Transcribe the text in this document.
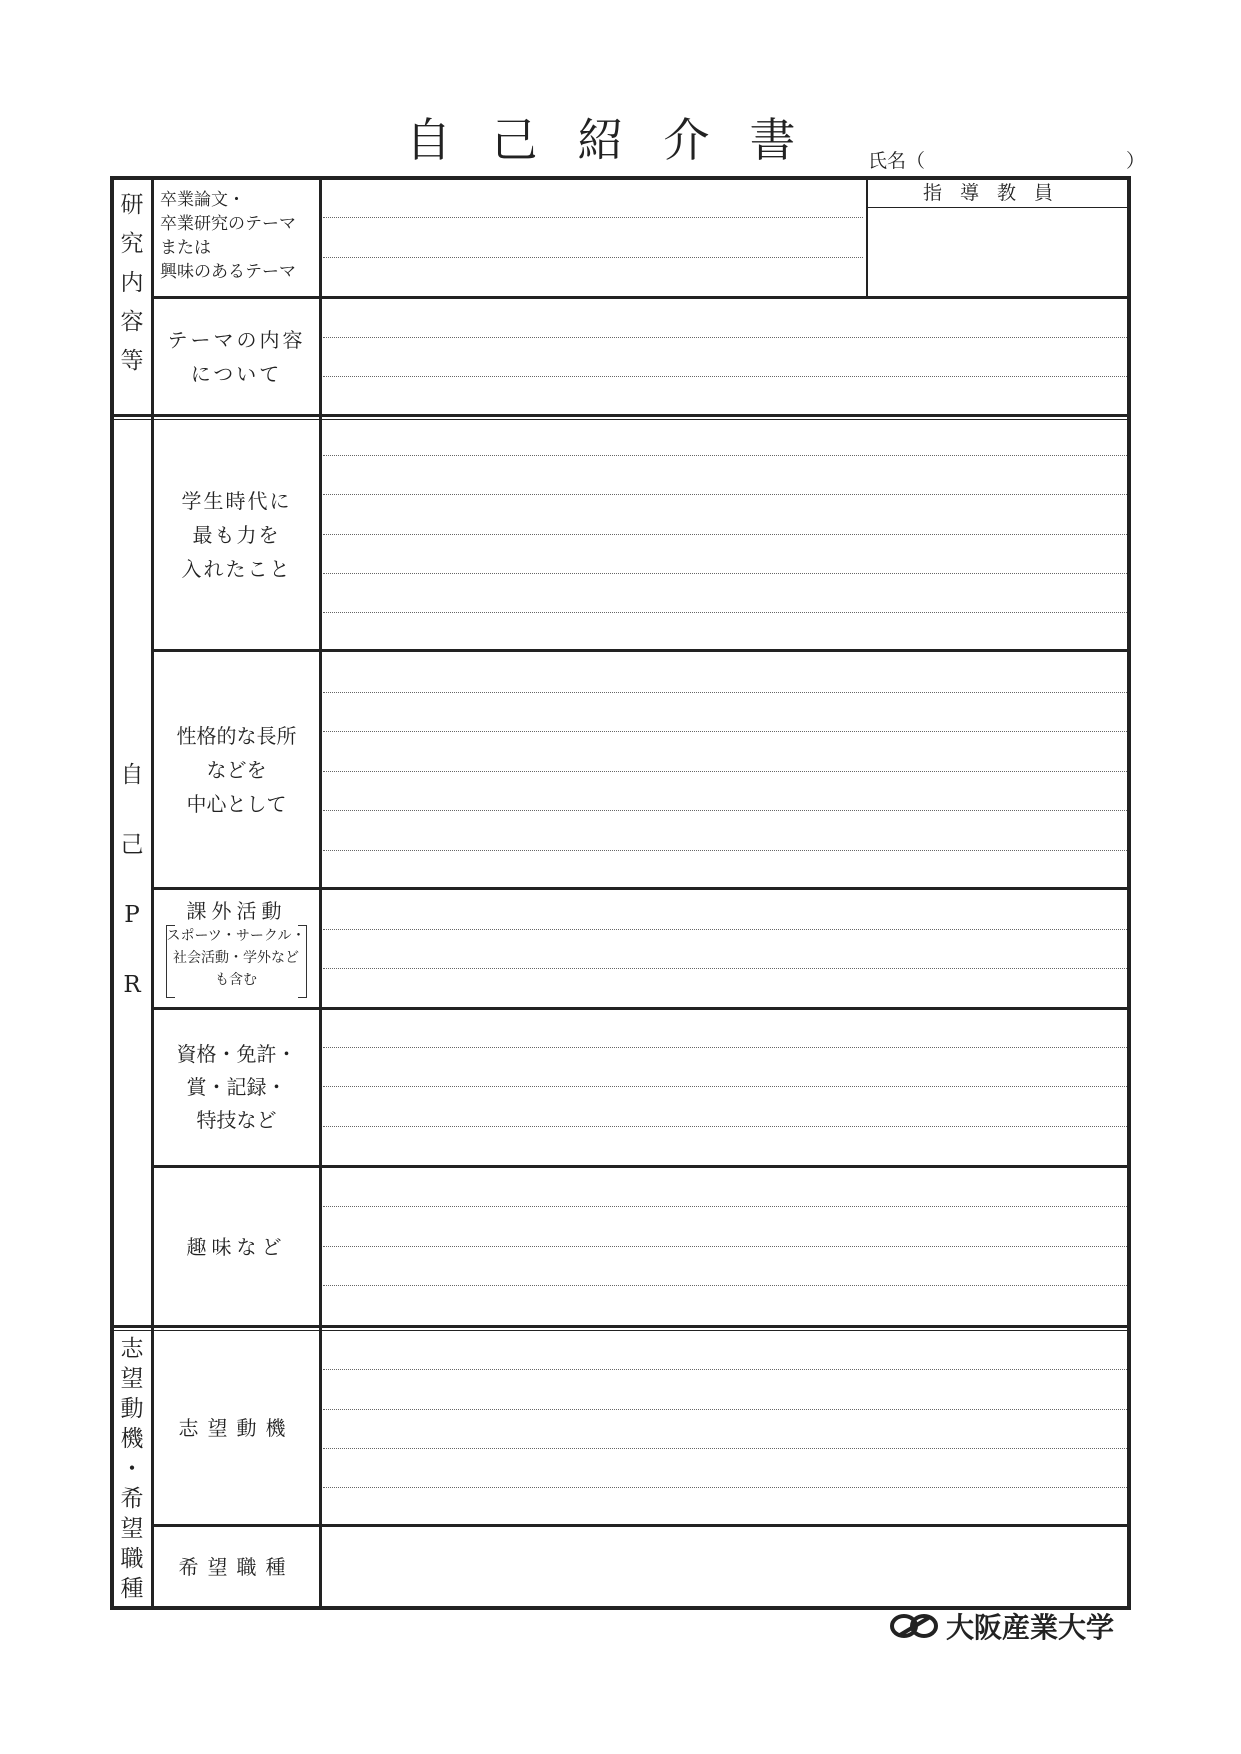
自己紹介書	氏名（	）
指導教員
研
究
内
容
等
自
己
P
R
志
望
動
機
・
希
望
職
種
卒業論文・
卒業研究のテーマ
または
興味のあるテーマ
テーマの内容
について
学生時代に
最も力を
入れたこと
性格的な長所
などを
中心として
課外活動
スポーツ・サークル・
社会活動・学外など
も含む
資格・免許・
賞・記録・
特技など
趣味など
志望動機
希望職種
大阪産業大学
